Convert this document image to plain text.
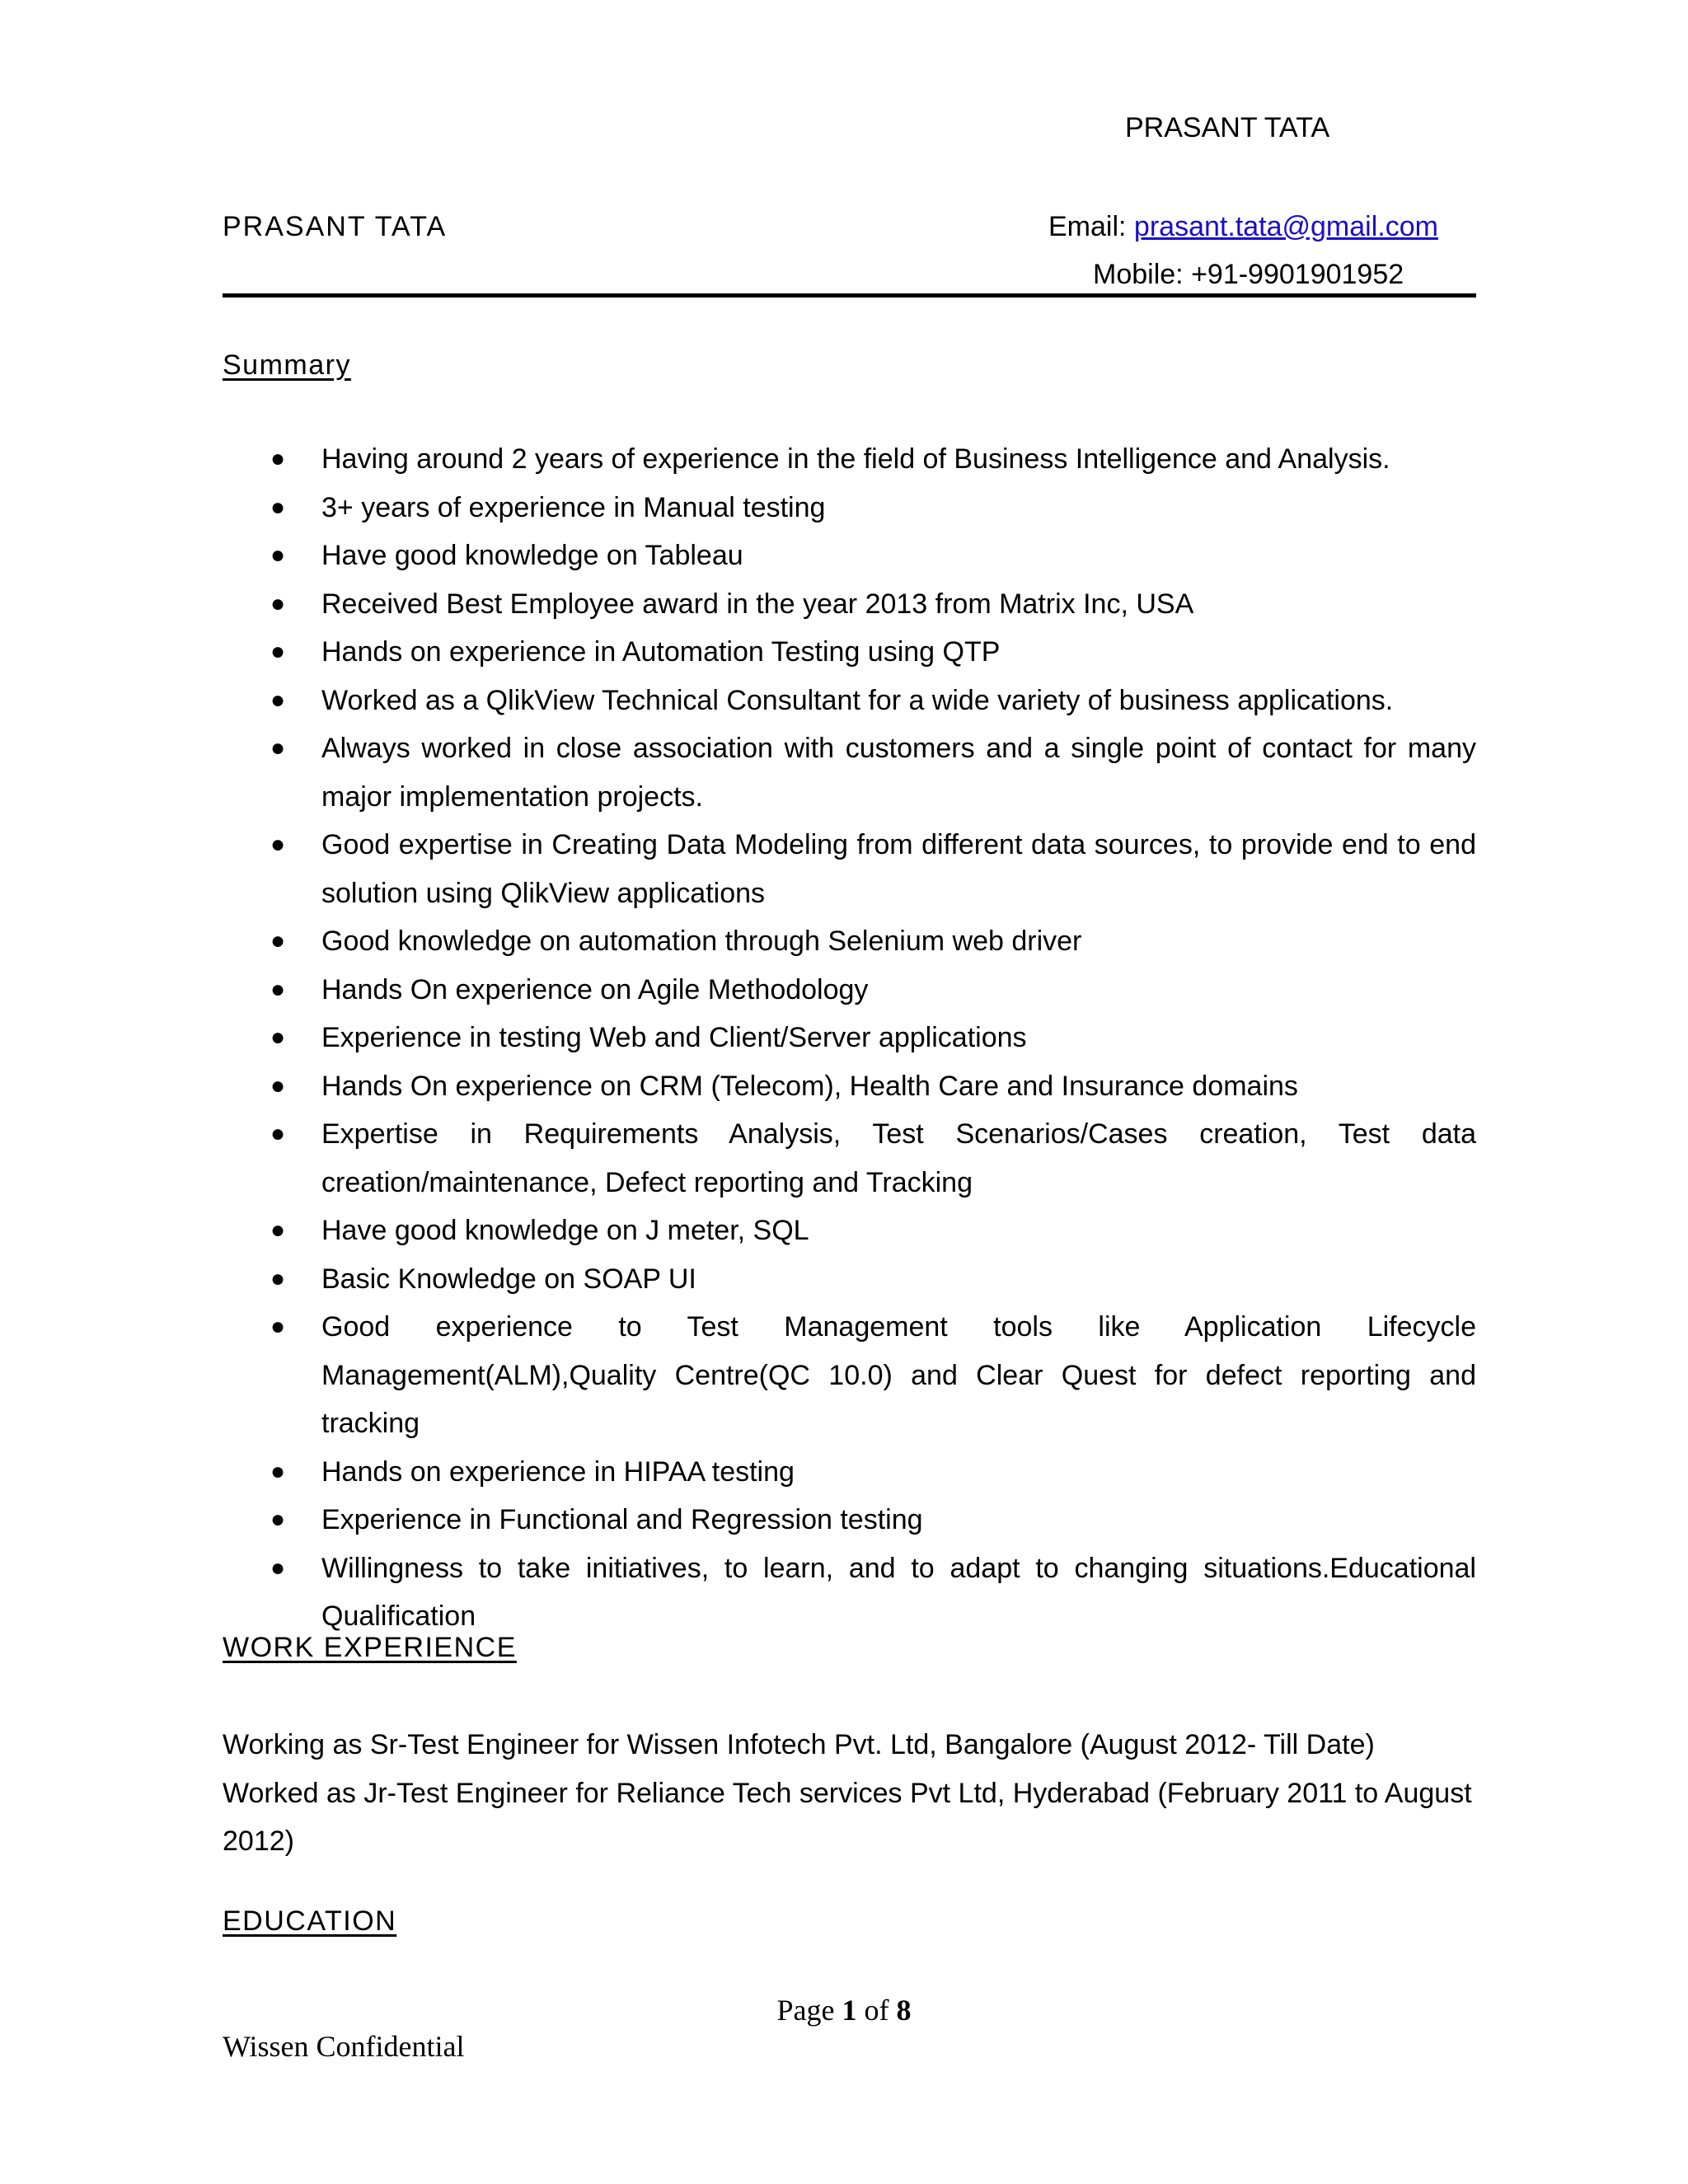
PRASANT TATA
PRASANT TATA	Email: prasant.tata@gmail.com
Mobile: +91-9901901952
Summary
● Having around 2 years of experience in the field of Business Intelligence and Analysis.
● 3+ years of experience in Manual testing
● Have good knowledge on Tableau
● Received Best Employee award in the year 2013 from Matrix Inc, USA
● Hands on experience in Automation Testing using QTP
● Worked as a QlikView Technical Consultant for a wide variety of business applications.
● Always worked in close association with customers and a single point of contact for many major implementation projects.
● Good expertise in Creating Data Modeling from different data sources, to provide end to end solution using QlikView applications
● Good knowledge on automation through Selenium web driver
● Hands On experience on Agile Methodology
● Experience in testing Web and Client/Server applications
● Hands On experience on CRM (Telecom), Health Care and Insurance domains
● Expertise in Requirements Analysis, Test Scenarios/Cases creation, Test data creation/maintenance, Defect reporting and Tracking
● Have good knowledge on J meter, SQL
● Basic Knowledge on SOAP UI
● Good experience to Test Management tools like Application Lifecycle Management(ALM),Quality Centre(QC 10.0) and Clear Quest for defect reporting and tracking
● Hands on experience in HIPAA testing
● Experience in Functional and Regression testing
● Willingness to take initiatives, to learn, and to adapt to changing situations.Educational Qualification
WORK EXPERIENCE

Working as Sr-Test Engineer for Wissen Infotech Pvt. Ltd, Bangalore (August 2012- Till Date)

Worked as Jr-Test Engineer for Reliance Tech services Pvt Ltd, Hyderabad (February 2011 to August 2012)

EDUCATION
Page 1 of 8
Wissen Confidential
